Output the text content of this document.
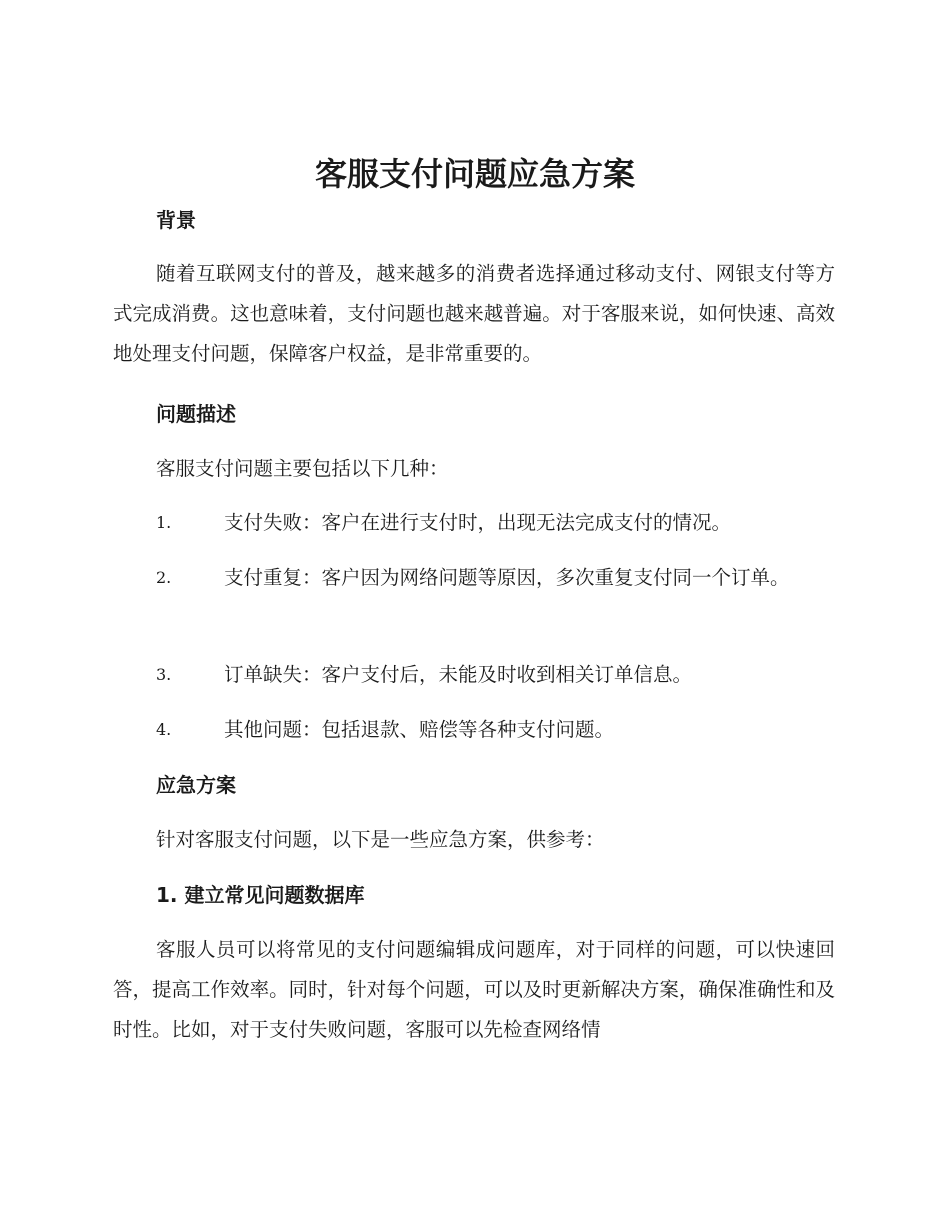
客服支付问题应急方案
背景

随着互联网支付的普及，越来越多的消费者选择通过移动支付、网银支付等方式完成消费。这也意味着，支付问题也越来越普遍。对于客服来说，如何快速、高效地处理支付问题，保障客户权益，是非常重要的。

问题描述

客服支付问题主要包括以下几种：

1.	支付失败：客户在进行支付时，出现无法完成支付的情况。
2.	支付重复：客户因为网络问题等原因，多次重复支付同一个订单。
3.	订单缺失：客户支付后，未能及时收到相关订单信息。
4.	其他问题：包括退款、赔偿等各种支付问题。
应急方案

针对客服支付问题，以下是一些应急方案，供参考：

1. 建立常见问题数据库

客服人员可以将常见的支付问题编辑成问题库，对于同样的问题，可以快速回答，提高工作效率。同时，针对每个问题，可以及时更新解决方案，确保准确性和及时性。比如，对于支付失败问题，客服可以先检查网络情
